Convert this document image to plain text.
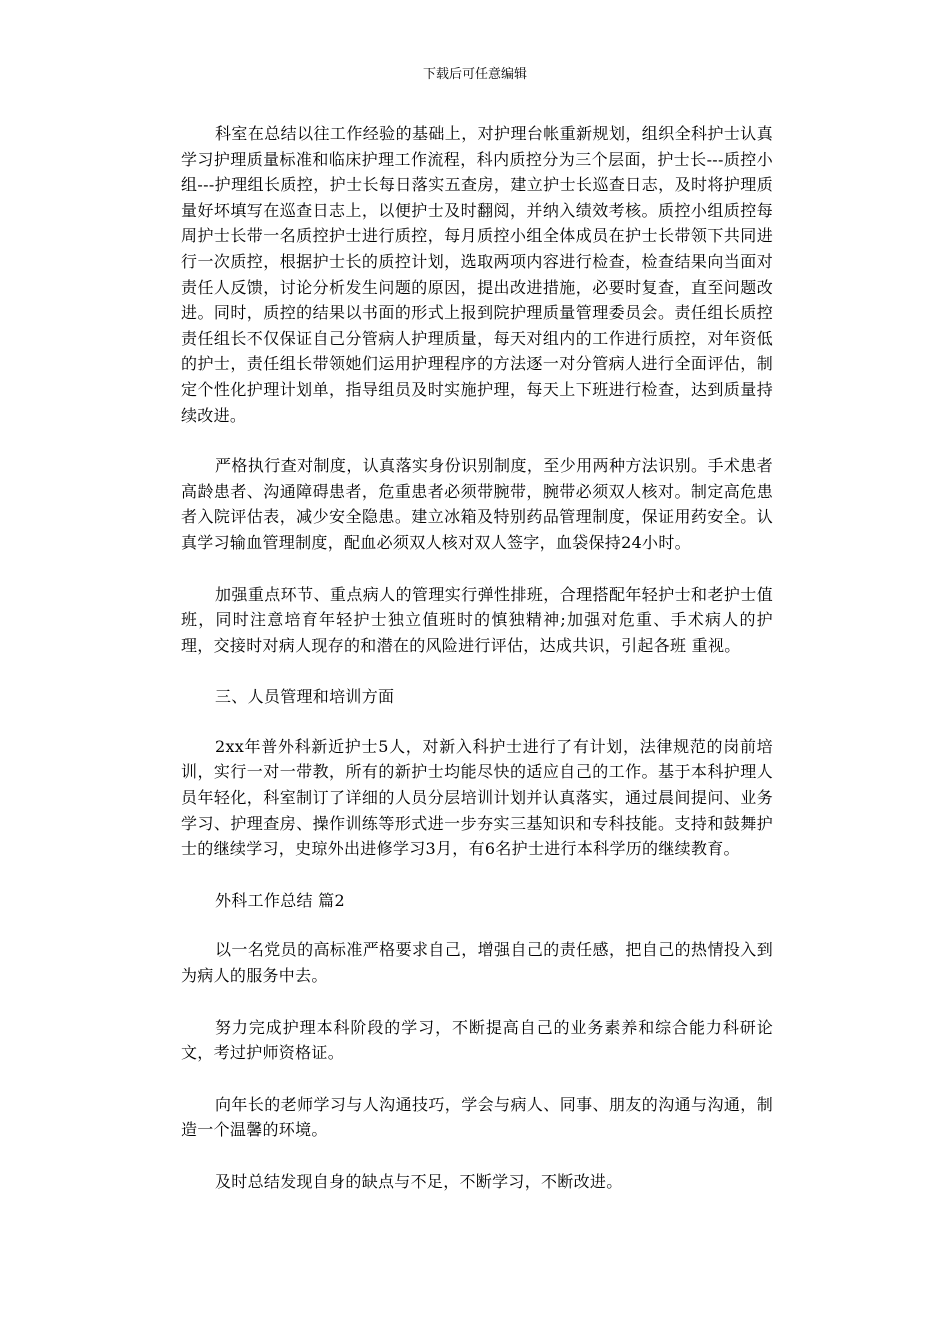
下载后可任意编辑

科室在总结以往工作经验的基础上，对护理台帐重新规划，组织全科护士认真学习护理质量标准和临床护理工作流程，科内质控分为三个层面，护士长---质控小组---护理组长质控，护士长每日落实五查房，建立护士长巡查日志，及时将护理质量好坏填写在巡查日志上，以便护士及时翻阅，并纳入绩效考核。质控小组质控每周护士长带一名质控护士进行质控，每月质控小组全体成员在护士长带领下共同进行一次质控，根据护士长的质控计划，选取两项内容进行检查，检查结果向当面对责任人反馈，讨论分析发生问题的原因，提出改进措施，必要时复查，直至问题改进。同时，质控的结果以书面的形式上报到院护理质量管理委员会。责任组长质控责任组长不仅保证自己分管病人护理质量，每天对组内的工作进行质控，对年资低的护士，责任组长带领她们运用护理程序的方法逐一对分管病人进行全面评估，制定个性化护理计划单，指导组员及时实施护理，每天上下班进行检查，达到质量持续改进。

严格执行查对制度，认真落实身份识别制度，至少用两种方法识别。手术患者高龄患者、沟通障碍患者，危重患者必须带腕带，腕带必须双人核对。制定高危患者入院评估表，减少安全隐患。建立冰箱及特别药品管理制度，保证用药安全。认真学习输血管理制度，配血必须双人核对双人签字，血袋保持24小时。

加强重点环节、重点病人的管理实行弹性排班，合理搭配年轻护士和老护士值班，同时注意培育年轻护士独立值班时的慎独精神;加强对危重、手术病人的护理，交接时对病人现存的和潜在的风险进行评估，达成共识，引起各班 重视。

三、人员管理和培训方面

2xx年普外科新近护士5人，对新入科护士进行了有计划，法律规范的岗前培训，实行一对一带教，所有的新护士均能尽快的适应自己的工作。基于本科护理人员年轻化，科室制订了详细的人员分层培训计划并认真落实，通过晨间提问、业务学习、护理查房、操作训练等形式进一步夯实三基知识和专科技能。支持和鼓舞护士的继续学习，史琼外出进修学习3月，有6名护士进行本科学历的继续教育。

外科工作总结 篇2

以一名党员的高标准严格要求自己，增强自己的责任感，把自己的热情投入到为病人的服务中去。

努力完成护理本科阶段的学习，不断提高自己的业务素养和综合能力科研论文，考过护师资格证。

向年长的老师学习与人沟通技巧，学会与病人、同事、朋友的沟通与沟通，制造一个温馨的环境。

及时总结发现自身的缺点与不足，不断学习，不断改进。
